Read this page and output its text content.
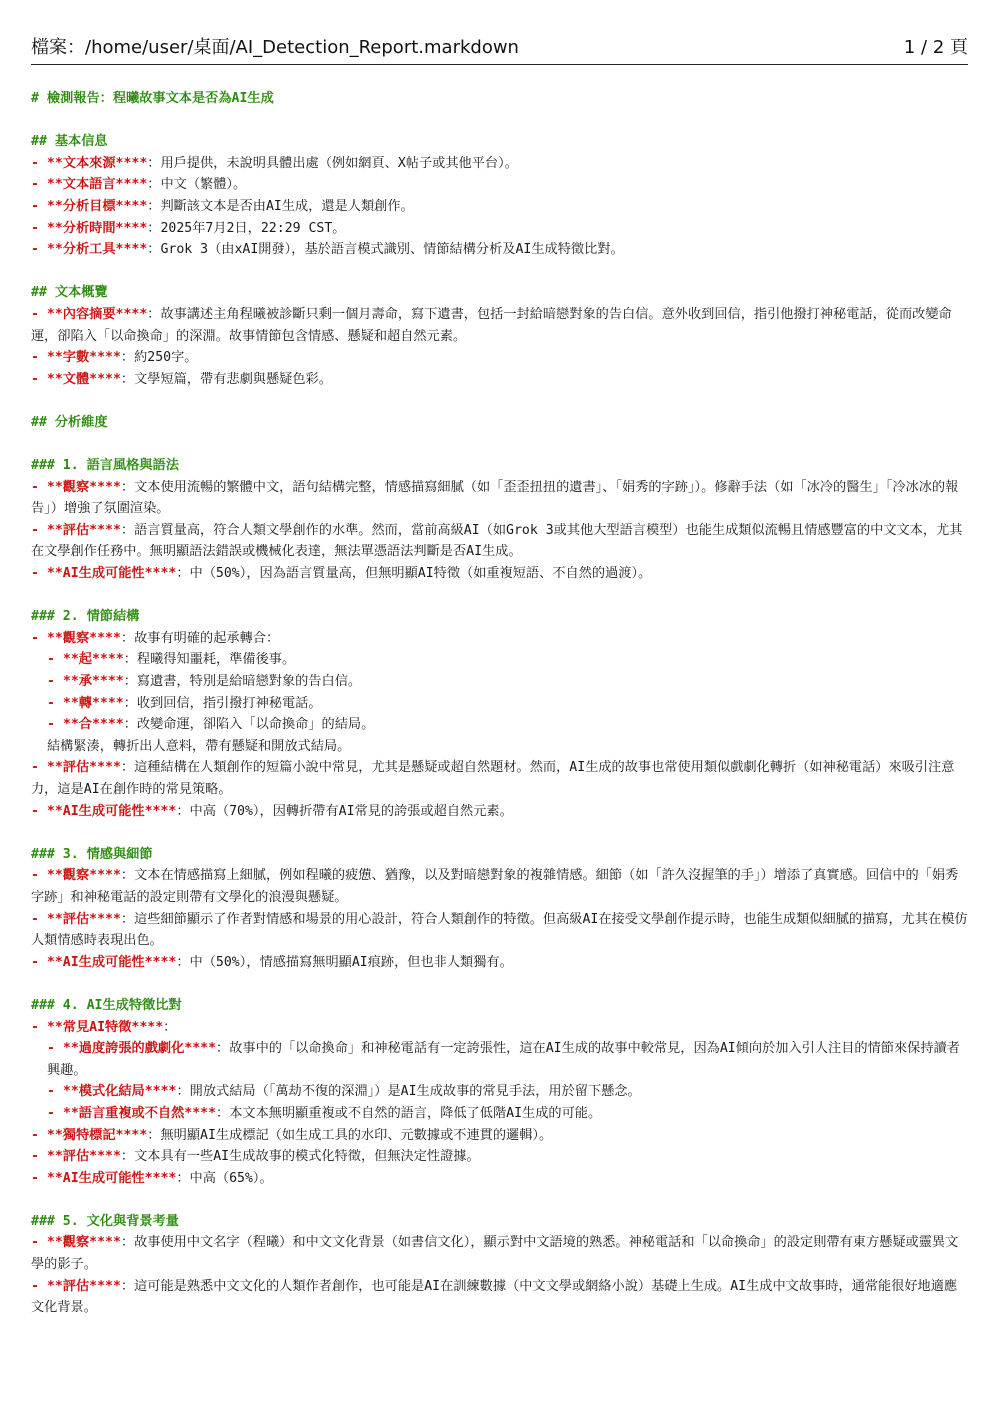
檔案：/home/user/桌面/AI_Detection_Report.markdown	1 / 2 頁
# 檢測報告：程曦故事文本是否為AI生成
## 基本信息
- **文本來源****：用戶提供，未說明具體出處（例如網頁、X帖子或其他平台）。
- **文本語言****：中文（繁體）。
- **分析目標****：判斷該文本是否由AI生成，還是人類創作。
- **分析時間****：2025年7月2日，22:29 CST。
- **分析工具****：Grok 3（由xAI開發），基於語言模式識別、情節結構分析及AI生成特徵比對。
## 文本概覽
- **內容摘要****：故事講述主角程曦被診斷只剩一個月壽命，寫下遺書，包括一封給暗戀對象的告白信。意外收到回信，指引他撥打神秘電話，從而改變命運，卻陷入「以命換命」的深淵。故事情節包含情感、懸疑和超自然元素。
- **字數****：約250字。
- **文體****：文學短篇，帶有悲劇與懸疑色彩。
## 分析維度
### 1. 語言風格與語法
- **觀察****：文本使用流暢的繁體中文，語句結構完整，情感描寫細膩（如「歪歪扭扭的遺書」、「娟秀的字跡」）。修辭手法（如「冰冷的醫生」「冷冰冰的報告」）增強了氛圍渲染。
- **評估****：語言質量高，符合人類文學創作的水準。然而，當前高級AI（如Grok 3或其他大型語言模型）也能生成類似流暢且情感豐富的中文文本，尤其在文學創作任務中。無明顯語法錯誤或機械化表達，無法單憑語法判斷是否AI生成。
- **AI生成可能性****：中（50%），因為語言質量高，但無明顯AI特徵（如重複短語、不自然的過渡）。
### 2. 情節結構
- **觀察****：故事有明確的起承轉合：
- **起****：程曦得知噩耗，準備後事。
- **承****：寫遺書，特別是給暗戀對象的告白信。
- **轉****：收到回信，指引撥打神秘電話。
- **合****：改變命運，卻陷入「以命換命」的結局。
結構緊湊，轉折出人意料，帶有懸疑和開放式結局。
- **評估****：這種結構在人類創作的短篇小說中常見，尤其是懸疑或超自然題材。然而，AI生成的故事也常使用類似戲劇化轉折（如神秘電話）來吸引注意力，這是AI在創作時的常見策略。
- **AI生成可能性****：中高（70%），因轉折帶有AI常見的誇張或超自然元素。
### 3. 情感與細節
- **觀察****：文本在情感描寫上細膩，例如程曦的疲憊、猶豫，以及對暗戀對象的複雜情感。細節（如「許久沒握筆的手」）增添了真實感。回信中的「娟秀字跡」和神秘電話的設定則帶有文學化的浪漫與懸疑。
- **評估****：這些細節顯示了作者對情感和場景的用心設計，符合人類創作的特徵。但高級AI在接受文學創作提示時，也能生成類似細膩的描寫，尤其在模仿人類情感時表現出色。
- **AI生成可能性****：中（50%），情感描寫無明顯AI痕跡，但也非人類獨有。
### 4. AI生成特徵比對
- **常見AI特徵****：
- **過度誇張的戲劇化****：故事中的「以命換命」和神秘電話有一定誇張性，這在AI生成的故事中較常見，因為AI傾向於加入引人注目的情節來保持讀者興趣。
- **模式化結局****：開放式結局（「萬劫不復的深淵」）是AI生成故事的常見手法，用於留下懸念。
- **語言重複或不自然****：本文本無明顯重複或不自然的語言，降低了低階AI生成的可能。
- **獨特標記****：無明顯AI生成標記（如生成工具的水印、元數據或不連貫的邏輯）。
- **評估****：文本具有一些AI生成故事的模式化特徵，但無決定性證據。
- **AI生成可能性****：中高（65%）。
### 5. 文化與背景考量
- **觀察****：故事使用中文名字（程曦）和中文文化背景（如書信文化），顯示對中文語境的熟悉。神秘電話和「以命換命」的設定則帶有東方懸疑或靈異文學的影子。
- **評估****：這可能是熟悉中文文化的人類作者創作，也可能是AI在訓練數據（中文文學或網絡小說）基礎上生成。AI生成中文故事時，通常能很好地適應文化背景。
